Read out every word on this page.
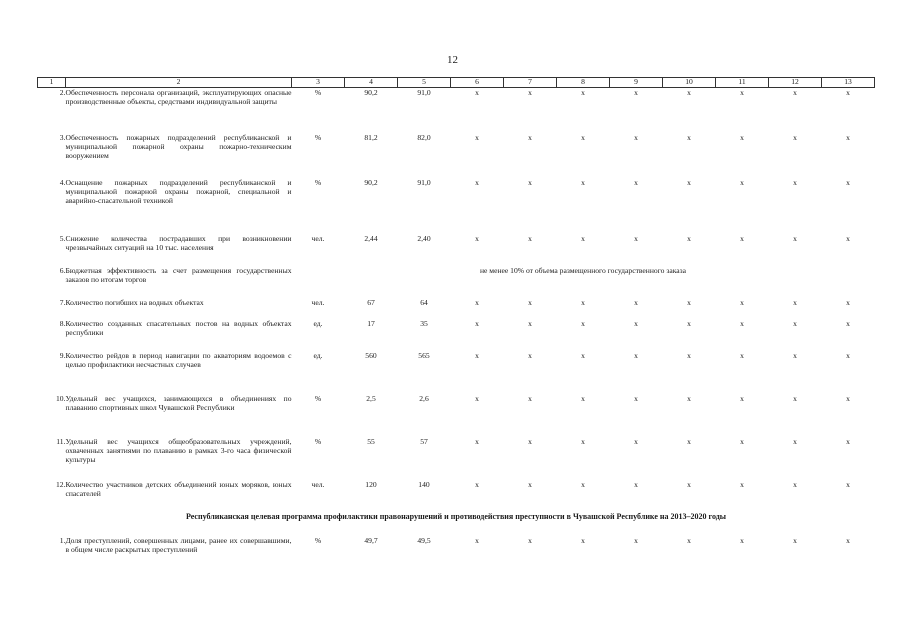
12
1	2	3	4	5	6	7	8	9	10	11	12	13
2.	Обеспеченность персонала организаций, эксплуатирующих опасные производственные объекты, средствами индивидуальной защиты	%	90,2	91,0	x	x	x	x	x	x	x	x
3.	Обеспеченность пожарных подразделений республиканской и муниципальной пожарной охраны пожарно-техническим вооружением	%	81,2	82,0	x	x	x	x	x	x	x	x
4.	Оснащение пожарных подразделений республиканской и муниципальной пожарной охраны пожарной, специальной и аварийно-спасательной техникой	%	90,2	91,0	x	x	x	x	x	x	x	x
5.	Снижение количества пострадавших при возникновении чрезвычайных ситуаций на 10 тыс. населения	чел.	2,44	2,40	x	x	x	x	x	x	x	x
6.	Бюджетная эффективность за счет размещения государственных заказов по итогам торгов	не менее 10% от объема размещенного государственного заказа										
7.	Количество погибших на водных объектах	чел.	67	64	x	x	x	x	x	x	x	x
8.	Количество созданных спасательных постов на водных объектах республики	ед.	17	35	x	x	x	x	x	x	x	x
9.	Количество рейдов в период навигации по акваториям водоемов с целью профилактики несчастных случаев	ед.	560	565	x	x	x	x	x	x	x	x
10.	Удельный вес учащихся, занимающихся в объединениях по плаванию спортивных школ Чувашской Республики	%	2,5	2,6	x	x	x	x	x	x	x	x
11.	Удельный вес учащихся общеобразовательных учреждений, охваченных занятиями по плаванию в рамках 3-го часа физической культуры	%	55	57	x	x	x	x	x	x	x	x
12.	Количество участников детских объединений юных моряков, юных спасателей	чел.	120	140	x	x	x	x	x	x	x	x
Республиканская целевая программа профилактики правонарушений и противодействия преступности в Чувашской Республике на 2013–2020 годы												
1.	Доля преступлений, совершенных лицами, ранее их совершавшими, в общем числе раскрытых преступлений	%	49,7	49,5	x	x	x	x	x	x	x	x
